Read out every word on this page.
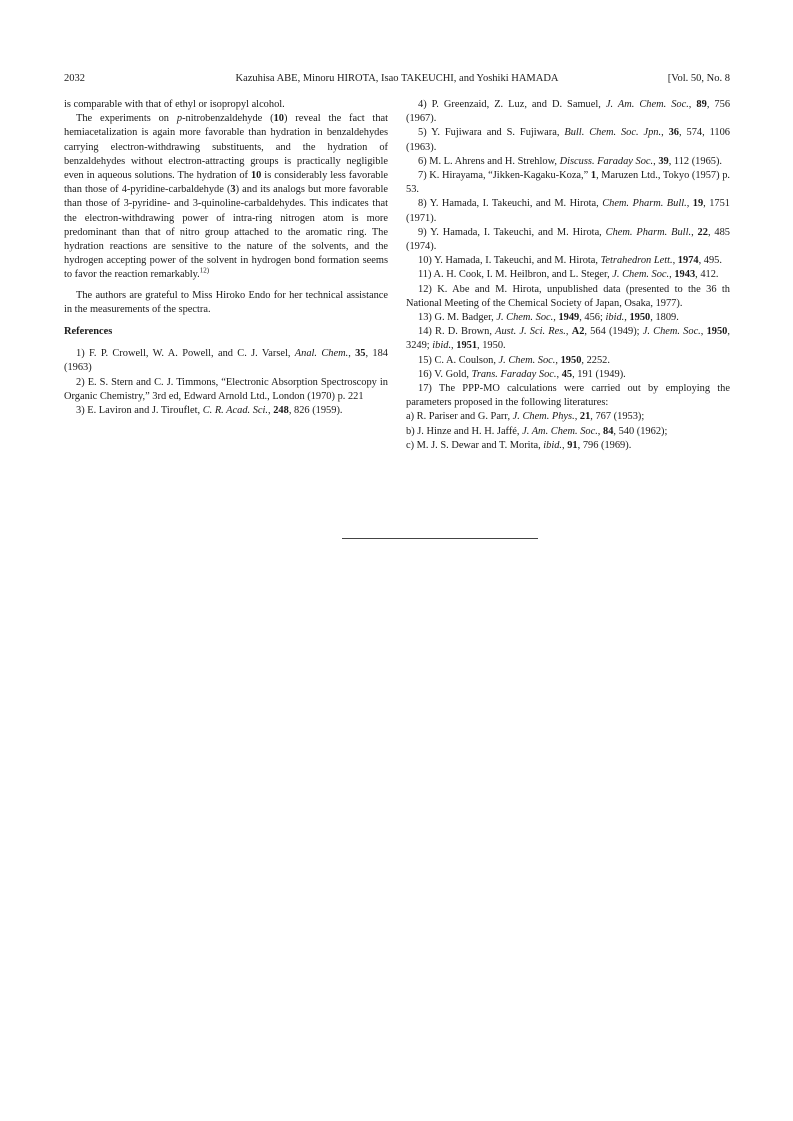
2032	Kazuhisa ABE, Minoru HIROTA, Isao TAKEUCHI, and Yoshiki HAMADA	[Vol. 50, No. 8

is comparable with that of ethyl or isopropyl alcohol.

The experiments on p-nitrobenzaldehyde (10) reveal the fact that hemiacetalization is again more favorable than hydration in benzaldehydes carrying electron-withdrawing substituents, and the hydration of benzaldehydes without electron-attracting groups is practically negligible even in aqueous solutions. The hydration of 10 is considerably less favorable than those of 4-pyridine-carbaldehyde (3) and its analogs but more favorable than those of 3-pyridine- and 3-quinoline-carbaldehydes. This indicates that the electron-withdrawing power of intra-ring nitrogen atom is more predominant than that of nitro group attached to the aromatic ring. The hydration reactions are sensitive to the nature of the solvents, and the hydrogen accepting power of the solvent in hydrogen bond formation seems to favor the reaction remarkably.$^{12)}$

The authors are grateful to Miss Hiroko Endo for her technical assistance in the measurements of the spectra.

References

1) F. P. Crowell, W. A. Powell, and C. J. Varsel, Anal. Chem., 35, 184 (1963)

2) E. S. Stern and C. J. Timmons, “Electronic Absorption Spectroscopy in Organic Chemistry,” 3rd ed, Edward Arnold Ltd., London (1970) p. 221

3) E. Laviron and J. Tirouflet, C. R. Acad. Sci., 248, 826 (1959).

4) P. Greenzaid, Z. Luz, and D. Samuel, J. Am. Chem. Soc., 89, 756 (1967).

5) Y. Fujiwara and S. Fujiwara, Bull. Chem. Soc. Jpn., 36, 574, 1106 (1963).

6) M. L. Ahrens and H. Strehlow, Discuss. Faraday Soc., 39, 112 (1965).

7) K. Hirayama, “Jikken-Kagaku-Koza,” 1, Maruzen Ltd., Tokyo (1957) p. 53.

8) Y. Hamada, I. Takeuchi, and M. Hirota, Chem. Pharm. Bull., 19, 1751 (1971).

9) Y. Hamada, I. Takeuchi, and M. Hirota, Chem. Pharm. Bull., 22, 485 (1974).

10) Y. Hamada, I. Takeuchi, and M. Hirota, Tetrahedron Lett., 1974, 495.

11) A. H. Cook, I. M. Heilbron, and L. Steger, J. Chem. Soc., 1943, 412.

12) K. Abe and M. Hirota, unpublished data (presented to the 36 th National Meeting of the Chemical Society of Japan, Osaka, 1977).

13) G. M. Badger, J. Chem. Soc., 1949, 456; ibid., 1950, 1809.

14) R. D. Brown, Aust. J. Sci. Res., A2, 564 (1949); J. Chem. Soc., 1950, 3249; ibid., 1951, 1950.

15) C. A. Coulson, J. Chem. Soc., 1950, 2252.

16) V. Gold, Trans. Faraday Soc., 45, 191 (1949).

17) The PPP-MO calculations were carried out by employing the parameters proposed in the following literatures:

a) R. Pariser and G. Parr, J. Chem. Phys., 21, 767 (1953);

b) J. Hinze and H. H. Jaffé, J. Am. Chem. Soc., 84, 540 (1962);

c) M. J. S. Dewar and T. Morita, ibid., 91, 796 (1969).
